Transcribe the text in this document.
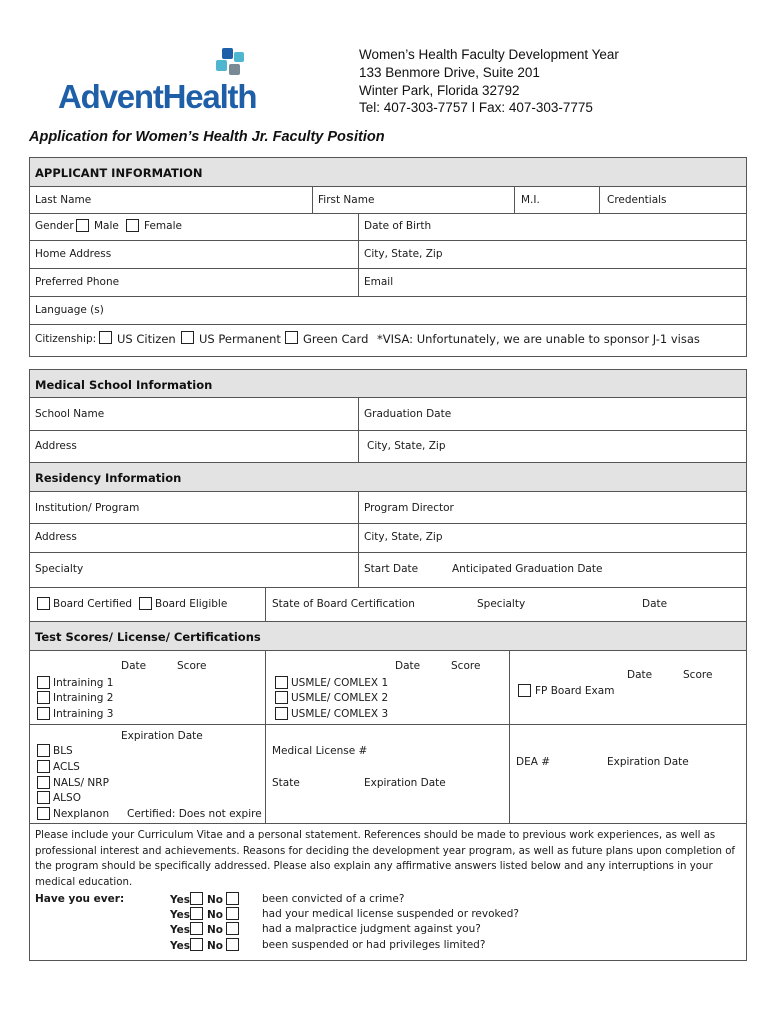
AdventHealth
Women’s Health Faculty Development Year
133 Benmore Drive, Suite 201
Winter Park, Florida 32792
Tel: 407-303-7757 ǀ Fax: 407-303-7775
Application for Women’s Health Jr. Faculty Position
APPLICANT INFORMATION
Last Name	First Name	M.I.	Credentials
Gender Male Female	Date of Birth
Home Address	City, State, Zip
Preferred Phone	Email
Language (s)
Citizenship: US Citizen US Permanent Green Card *VISA: Unfortunately, we are unable to sponsor J-1 visas
Medical School Information
School Name	Graduation Date
Address	City, State, Zip
Residency Information
Institution/ Program	Program Director
Address	City, State, Zip
Specialty	Start Date	Anticipated Graduation Date
Board Certified Board Eligible	State of Board Certification	Specialty	Date
Test Scores/ License/ Certifications
Date	Score
Intraining 1
Intraining 2
Intraining 3
Date	Score
USMLE/ COMLEX 1
USMLE/ COMLEX 2
USMLE/ COMLEX 3
Date	Score
FP Board Exam
Expiration Date
BLS
ACLS
NALS/ NRP
ALSO
Nexplanon Certified: Does not expire
Medical License #
State	Expiration Date
DEA #	Expiration Date
Please include your Curriculum Vitae and a personal statement. References should be made to previous work experiences, as well as professional interest and achievements. Reasons for deciding the development year program, as well as future plans upon completion of the program should be specifically addressed. Please also explain any affirmative answers listed below and any interruptions in your medical education.
Have you ever:	Yes No	been convicted of a crime?
Yes No	had your medical license suspended or revoked?
Yes No	had a malpractice judgment against you?
Yes No	been suspended or had privileges limited?
